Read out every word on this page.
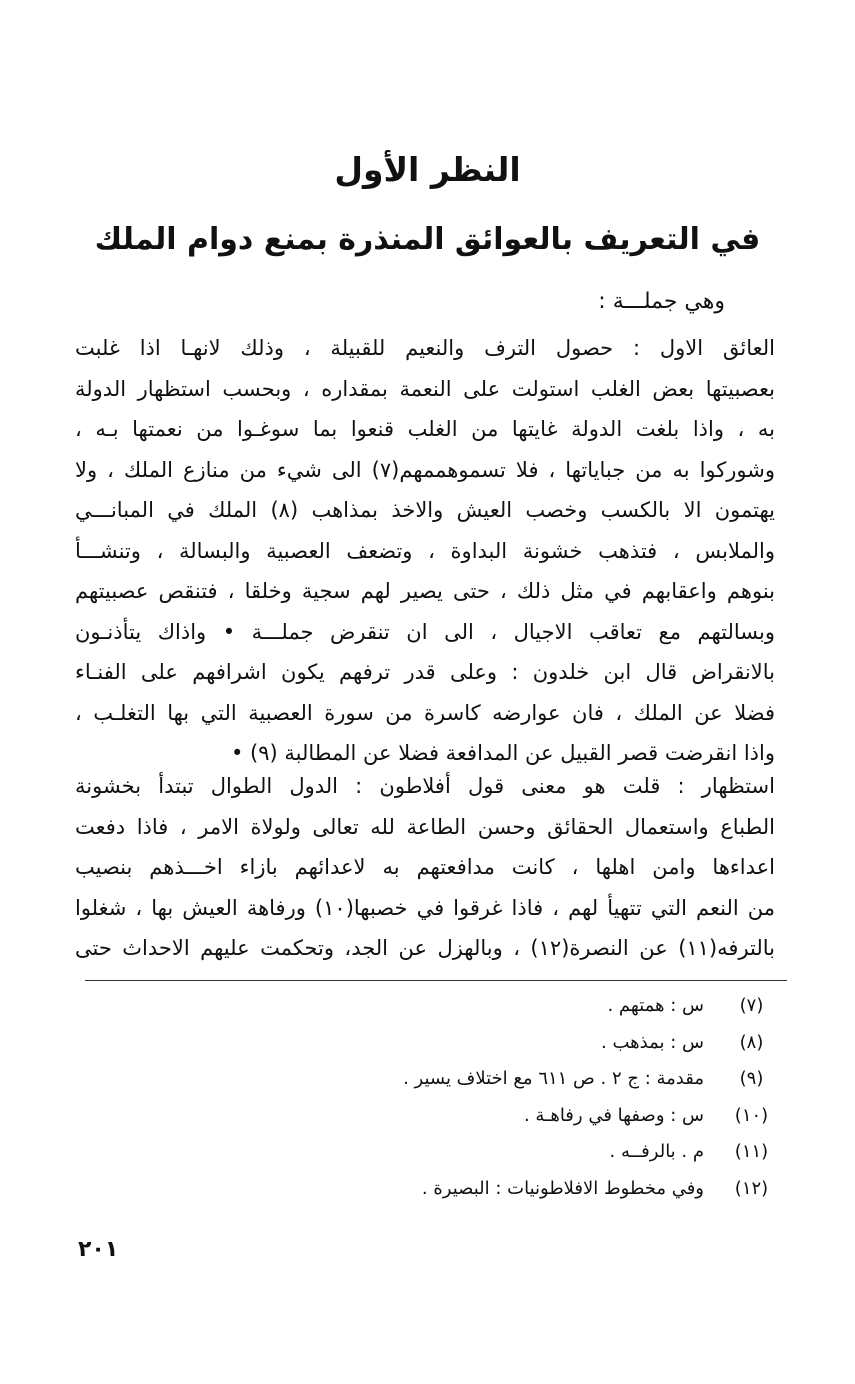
النظر الأول
في التعريف بالعوائق المنذرة بمنع دوام الملك
وهي جملـــة :
العائق الاول : حصول الترف والنعيم للقبيلة ، وذلك لانهـا اذا غلبت
بعصبيتها بعض الغلب استولت على النعمة بمقداره ، وبحسب استظهار الدولة
به ، واذا بلغت الدولة غايتها من الغلب قنعوا بما سوغـوا من نعمتها بـه ،
وشوركوا به من جباياتها ، فلا تسموهممهم(٧) الى شيء من منازع الملك ، ولا
يهتمون الا بالكسب وخصب العيش والاخذ بمذاهب (٨) الملك في المبانـــي
والملابس ، فتذهب خشونة البداوة ، وتضعف العصبية والبسالة ، وتنشـــأ
بنوهم واعقابهم في مثل ذلك ، حتى يصير لهم سجية وخلقا ، فتنقص عصبيتهم
وبسالتهم مع تعاقب الاجيال ، الى ان تنقرض جملـــة • واذاك يتأذنـون
بالانقراض قال ابن خلدون : وعلى قدر ترفهم يكون اشرافهم على الفنـاء
فضلا عن الملك ، فان عوارضه كاسرة من سورة العصبية التي بها التغلـب ،
واذا انقرضت قصر القبيل عن المدافعة فضلا عن المطالبة (٩) •
استظهار : قلت هو معنى قول أفلاطون : الدول الطوال تبتدأ بخشونة
الطباع واستعمال الحقائق وحسن الطاعة لله تعالى ولولاة الامر ، فاذا دفعت
اعداءها وامن اهلها ، كانت مدافعتهم به لاعدائهم بازاء اخـــذهم بنصيب
من النعم التي تتهيأ لهم ، فاذا غرقوا في خصبها(١٠) ورفاهة العيش بها ، شغلوا
بالترفه(١١) عن النصرة(١٢) ، وبالهزل عن الجد، وتحكمت عليهم الاحداث حتى
(٧)
س : همتهم .
(٨)
س : بمذهب .
(٩)
مقدمة : ج ٢ . ص ٦١١ مع اختلاف يسير .
(١٠)
س : وصفها في رفاهـة .
(١١)
م . بالرفــه .
(١٢)
وفي مخطوط الافلاطونيات : البصيرة .
٢٠١
